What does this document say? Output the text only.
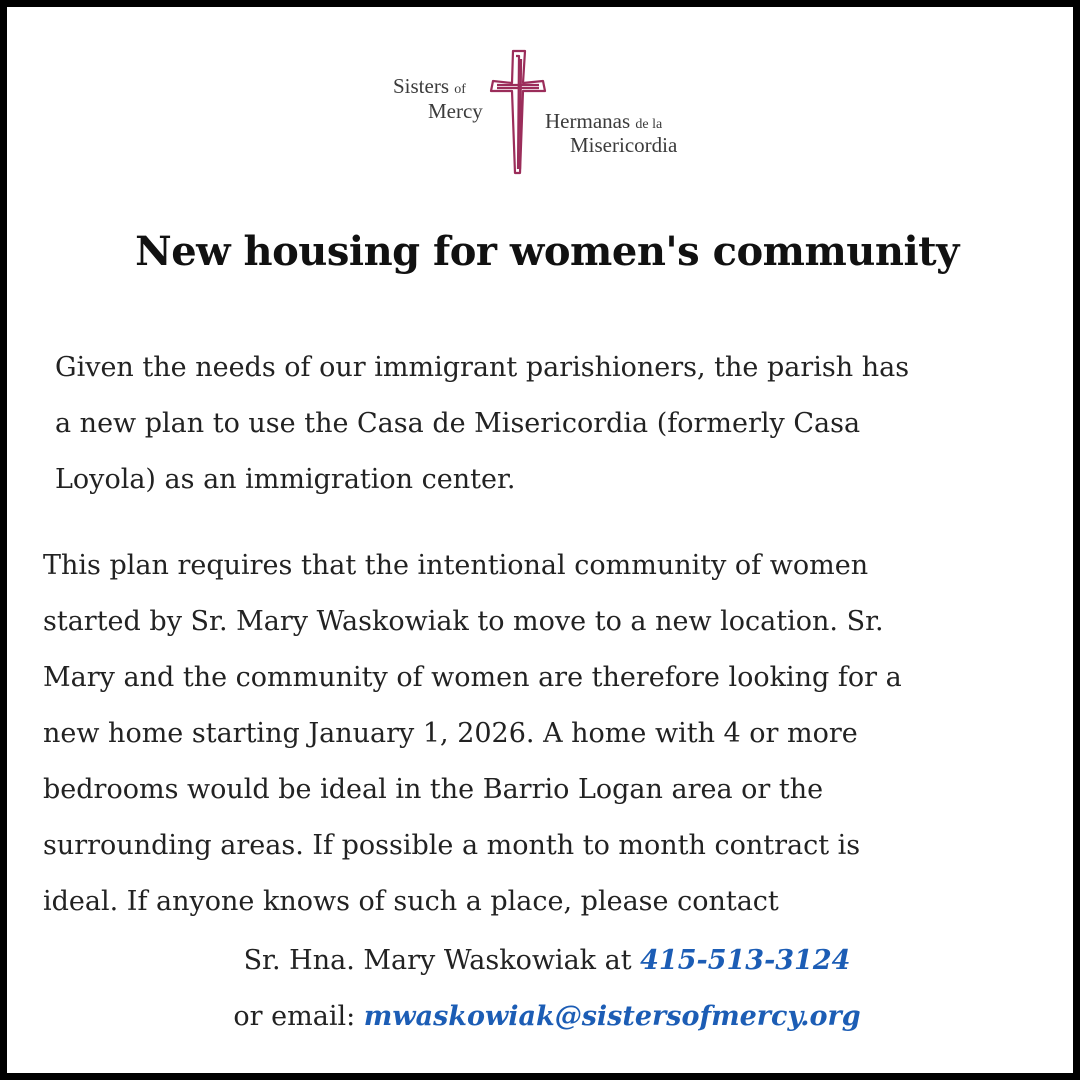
Sisters of
Mercy	Hermanas de la
Misericordia
New housing for women's community

Given the needs of our immigrant parishioners, the parish has
a new plan to use the Casa de Misericordia (formerly Casa
Loyola) as an immigration center.

This plan requires that the intentional community of women
started by Sr. Mary Waskowiak to move to a new location. Sr.
Mary and the community of women are therefore looking for a
new home starting January 1, 2026. A home with 4 or more
bedrooms would be ideal in the Barrio Logan area or the
surrounding areas. If possible a month to month contract is
ideal. If anyone knows of such a place, please contact

Sr. Hna. Mary Waskowiak at 415-513-3124

or email: mwaskowiak@sistersofmercy.org
